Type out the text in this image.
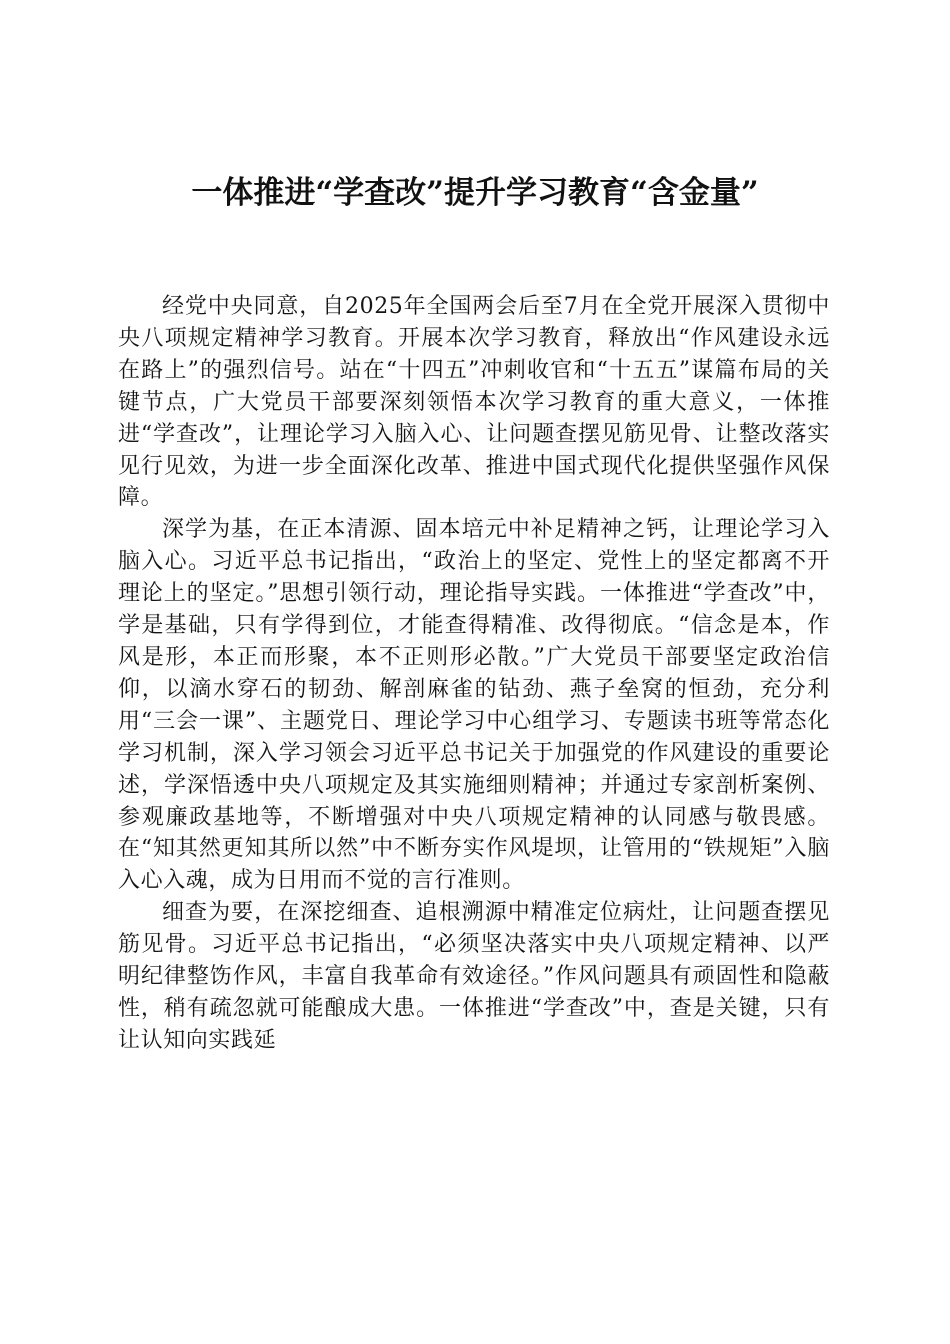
一体推进“学查改”提升学习教育“含金量”

经党中央同意，自2025年全国两会后至7月在全党开展深入贯彻中央八项规定精神学习教育。开展本次学习教育，释放出“作风建设永远在路上”的强烈信号。站在“十四五”冲刺收官和“十五五”谋篇布局的关键节点，广大党员干部要深刻领悟本次学习教育的重大意义，一体推进“学查改”，让理论学习入脑入心、让问题查摆见筋见骨、让整改落实见行见效，为进一步全面深化改革、推进中国式现代化提供坚强作风保障。

深学为基，在正本清源、固本培元中补足精神之钙，让理论学习入脑入心。习近平总书记指出，“政治上的坚定、党性上的坚定都离不开理论上的坚定。”思想引领行动，理论指导实践。一体推进“学查改”中，学是基础，只有学得到位，才能查得精准、改得彻底。“信念是本，作风是形，本正而形聚，本不正则形必散。”广大党员干部要坚定政治信仰，以滴水穿石的韧劲、解剖麻雀的钻劲、燕子垒窝的恒劲，充分利用“三会一课”、主题党日、理论学习中心组学习、专题读书班等常态化学习机制，深入学习领会习近平总书记关于加强党的作风建设的重要论述，学深悟透中央八项规定及其实施细则精神；并通过专家剖析案例、参观廉政基地等，不断增强对中央八项规定精神的认同感与敬畏感。在“知其然更知其所以然”中不断夯实作风堤坝，让管用的“铁规矩”入脑入心入魂，成为日用而不觉的言行准则。

细查为要，在深挖细查、追根溯源中精准定位病灶，让问题查摆见筋见骨。习近平总书记指出，“必须坚决落实中央八项规定精神、以严明纪律整饬作风，丰富自我革命有效途径。”作风问题具有顽固性和隐蔽性，稍有疏忽就可能酿成大患。一体推进“学查改”中，查是关键，只有让认知向实践延
